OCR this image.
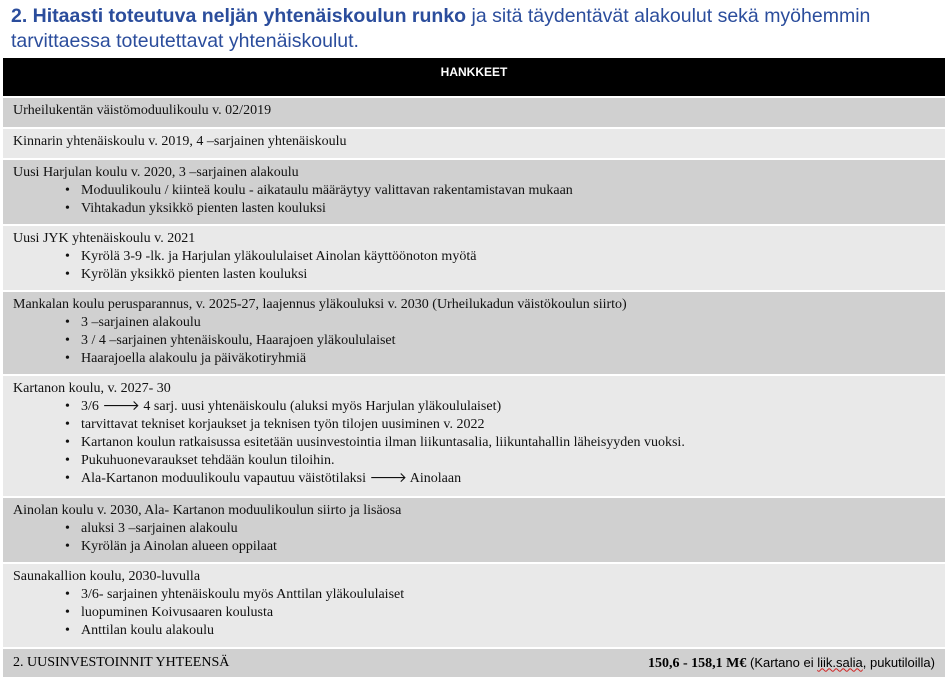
2. Hitaasti toteutuva neljän yhtenäiskoulun runko ja sitä täydentävät alakoulut sekä myöhemmin tarvittaessa toteutettavat yhtenäiskoulut.
HANKKEET
Urheilukentän väistömoduulikoulu v. 02/2019
Kinnarin yhtenäiskoulu v. 2019, 4 –sarjainen yhtenäiskoulu
Uusi Harjulan koulu v. 2020, 3 –sarjainen alakoulu
• Moduulikoulu / kiinteä koulu - aikataulu määräytyy valittavan rakentamistavan mukaan
• Vihtakadun yksikkö pienten lasten kouluksi
Uusi JYK yhtenäiskoulu v. 2021
• Kyrölä 3-9 -lk. ja Harjulan yläkoululaiset Ainolan käyttöönoton myötä
• Kyrölän yksikkö pienten lasten kouluksi
Mankalan koulu perusparannus, v. 2025-27, laajennus yläkouluksi v. 2030 (Urheilukadun väistökoulun siirto)
• 3 –sarjainen alakoulu
• 3 / 4 –sarjainen yhtenäiskoulu, Haarajoen yläkoululaiset
• Haarajoella alakoulu ja päiväkotiryhmiä
Kartanon koulu, v. 2027- 30
• 3/6 🡒 4 sarj. uusi yhtenäiskoulu (aluksi myös Harjulan yläkoululaiset)
• tarvittavat tekniset korjaukset ja teknisen työn tilojen uusiminen v. 2022
• Kartanon koulun ratkaisussa esitetään uusinvestointia ilman liikuntasalia, liikuntahallin läheisyyden vuoksi.
• Pukuhuonevaraukset tehdään koulun tiloihin.
• Ala-Kartanon moduulikoulu vapautuu väistötilaksi 🡒 Ainolaan
Ainolan koulu v. 2030, Ala- Kartanon moduulikoulun siirto ja lisäosa
• aluksi 3 –sarjainen alakoulu
• Kyrölän ja Ainolan alueen oppilaat
Saunakallion koulu, 2030-luvulla
• 3/6- sarjainen yhtenäiskoulu myös Anttilan yläkoululaiset
• luopuminen Koivusaaren koulusta
• Anttilan koulu alakoulu
2. UUSINVESTOINNIT YHTEENSÄ	150,6 - 158,1 M€ (Kartano ei liik.salia, pukutiloilla)
